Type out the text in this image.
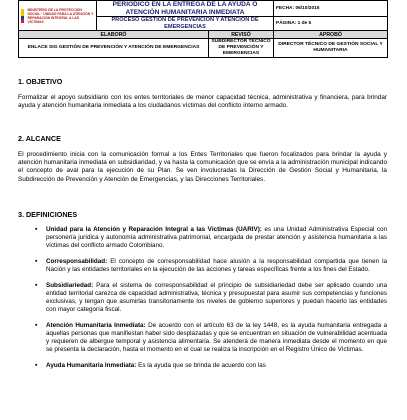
MINISTERIO DE LA PROTECCIÓN SOCIAL · UNIDAD PARA LA ATENCIÓN Y REPARACIÓN INTEGRAL A LAS VÍCTIMAS	PERIÓDICO EN LA ENTREGA DE LA AYUDA O ATENCIÓN HUMANITARIA INMEDIATA		FECHA: 06/10/2015
	PROCESO GESTIÓN DE PREVENCIÓN Y ATENCIÓN DE EMERGENCIAS		PÁGINA: 1 de 5
ELABORÓ		REVISÓ	APROBÓ
ENLACE SIG GESTIÓN DE PREVENCIÓN Y ATENCIÓN DE EMERGENCIAS		SUBDIRECTOR TÉCNICO DE PREVENCIÓN Y EMERGENCIAS	DIRECTOR TÉCNICO DE GESTIÓN SOCIAL Y HUMANITARIA
1. OBJETIVO
Formalizar el apoyo subsidiario con los entes territoriales de menor capacidad técnica, administrativa y financiera, para brindar ayuda y atención humanitaria inmediata a los ciudadanos víctimas del conflicto interno armado.
2. ALCANCE
El procedimiento inicia con la comunicación formal a los Entes Territoriales que fueron focalizados para brindar la ayuda y atención humanitaria inmediata en subsidiaridad, y va hasta la comunicación que se envía a la administración municipal indicando el concepto de aval para la ejecución de su Plan. Se ven involucradas la Dirección de Gestión Social y Humanitaria, la Subdirección de Prevención y Atención de Emergencias, y las Direcciones Territoriales.
3. DEFINICIONES
▪ Unidad para la Atención y Reparación Integral a las Víctimas (UARIV): es una Unidad Administrativa Especial con personería jurídica y autonomía administrativa patrimonial, encargada de prestar atención y asistencia humanitaria a las víctimas del conflicto armado Colombiano.
▪ Corresponsabilidad: El concepto de corresponsabilidad hace alusión a la responsabilidad compartida que tienen la Nación y las entidades territoriales en la ejecución de las acciones y tareas específicas frente a los fines del Estado.
▪ Subsidiariedad: Para el sistema de corresponsabilidad el principio de subsidiariedad debe ser aplicado cuando una entidad territorial carezca de capacidad administrativa, técnica y presupuestal para asumir sus competencias y funciones exclusivas, y tengan que asumirlas transitoriamente los niveles de gobierno superiores y puedan hacerlo las entidades con mayor categoría fiscal.
▪ Atención Humanitaria Inmediata: De acuerdo con el artículo 63 de la ley 1448, es la ayuda humanitaria entregada a aquellas personas que manifiestan haber sido desplazadas y que se encuentran en situación de vulnerabilidad acentuada y requieren de albergue temporal y asistencia alimentaria. Se atenderá de manera inmediata desde el momento en que se presenta la declaración, hasta el momento en el cual se realiza la inscripción en el Registro Único de Víctimas.
▪ Ayuda Humanitaria Inmediata: Es la ayuda que se brinda de acuerdo con las
